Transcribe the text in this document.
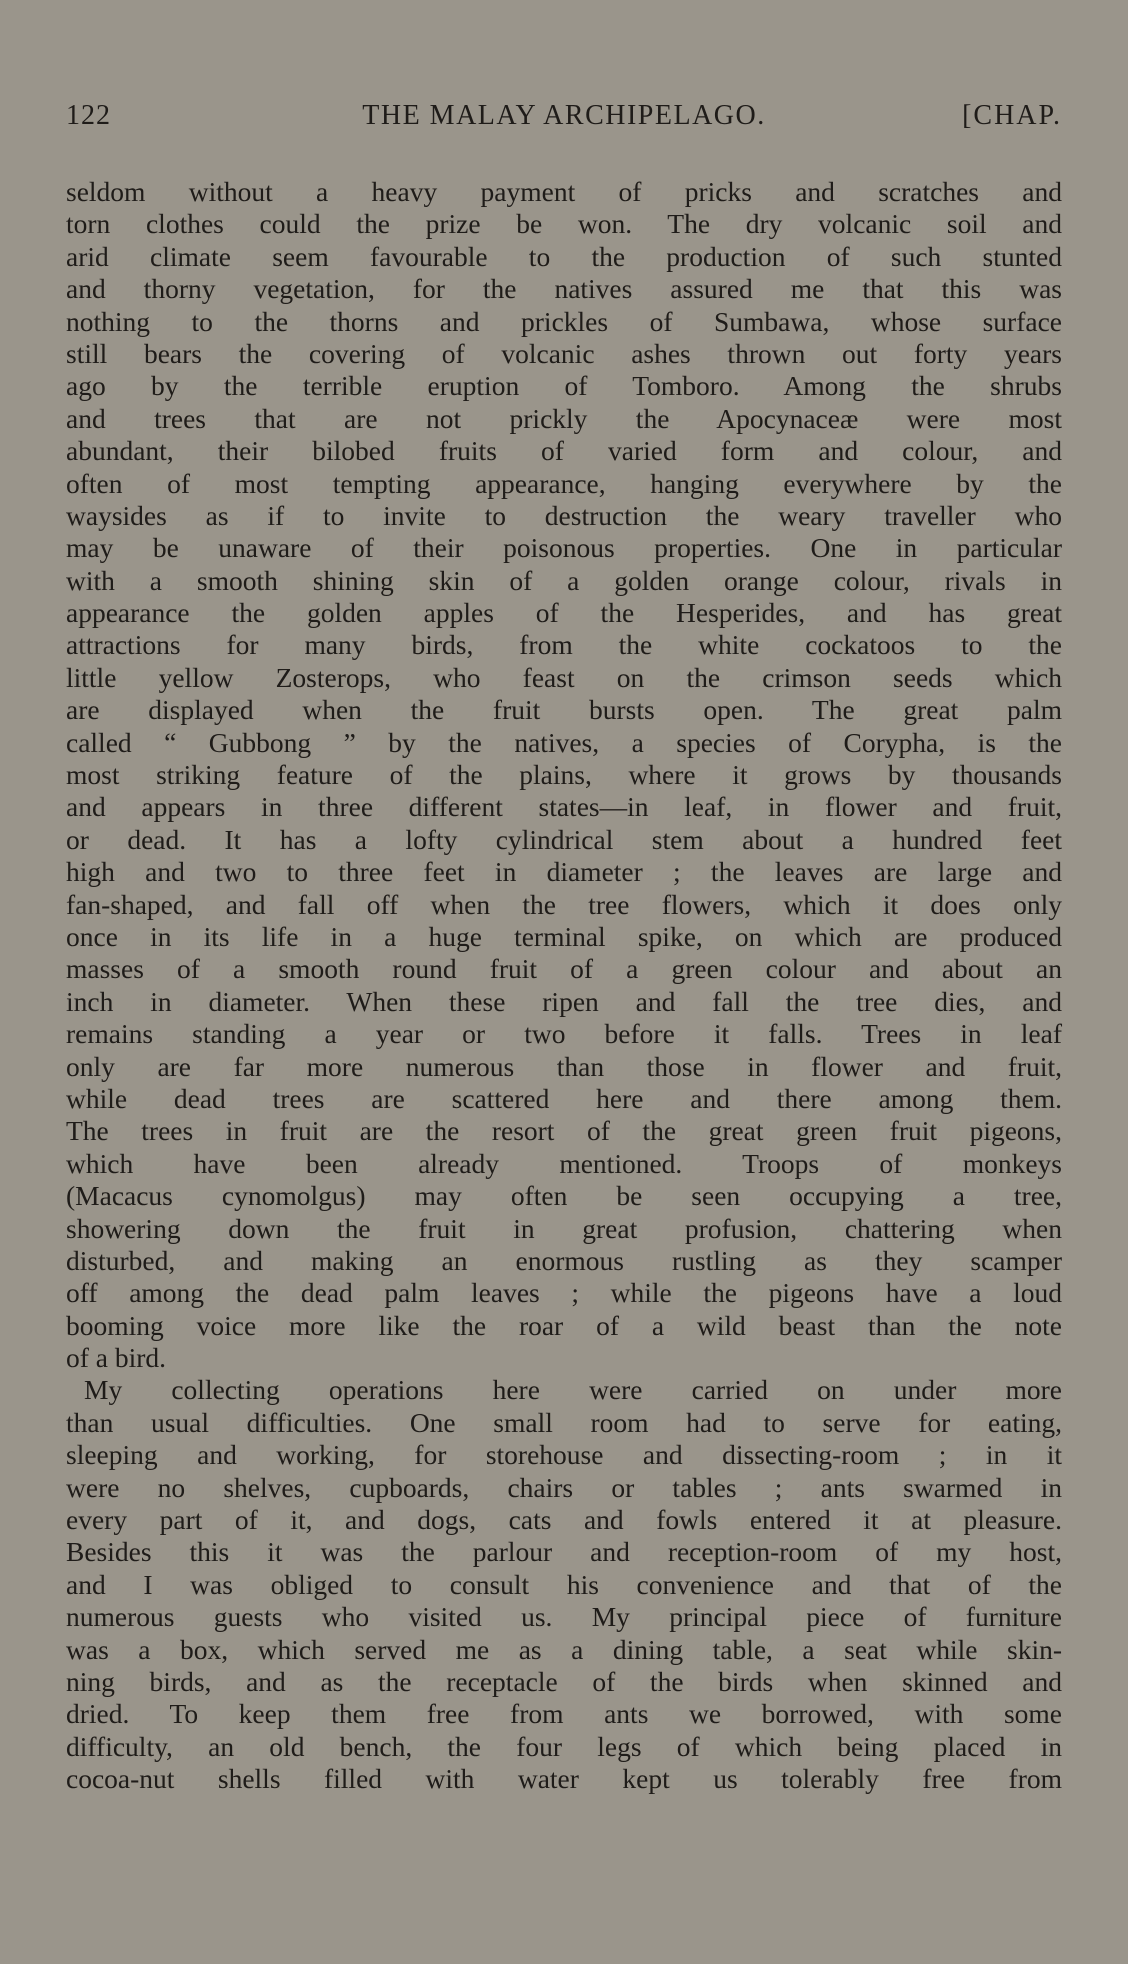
122	THE MALAY ARCHIPELAGO.	[CHAP.
seldom without a heavy payment of pricks and scratches and
torn clothes could the prize be won. The dry volcanic soil and
arid climate seem favourable to the production of such stunted
and thorny vegetation, for the natives assured me that this was
nothing to the thorns and prickles of Sumbawa, whose surface
still bears the covering of volcanic ashes thrown out forty years
ago by the terrible eruption of Tomboro. Among the shrubs
and trees that are not prickly the Apocynaceæ were most
abundant, their bilobed fruits of varied form and colour, and
often of most tempting appearance, hanging everywhere by the
waysides as if to invite to destruction the weary traveller who
may be unaware of their poisonous properties. One in particular
with a smooth shining skin of a golden orange colour, rivals in
appearance the golden apples of the Hesperides, and has great
attractions for many birds, from the white cockatoos to the
little yellow Zosterops, who feast on the crimson seeds which
are displayed when the fruit bursts open. The great palm
called “ Gubbong ” by the natives, a species of Corypha, is the
most striking feature of the plains, where it grows by thousands
and appears in three different states—in leaf, in flower and fruit,
or dead. It has a lofty cylindrical stem about a hundred feet
high and two to three feet in diameter ; the leaves are large and
fan-shaped, and fall off when the tree flowers, which it does only
once in its life in a huge terminal spike, on which are produced
masses of a smooth round fruit of a green colour and about an
inch in diameter. When these ripen and fall the tree dies, and
remains standing a year or two before it falls. Trees in leaf
only are far more numerous than those in flower and fruit,
while dead trees are scattered here and there among them.
The trees in fruit are the resort of the great green fruit pigeons,
which have been already mentioned. Troops of monkeys
(Macacus cynomolgus) may often be seen occupying a tree,
showering down the fruit in great profusion, chattering when
disturbed, and making an enormous rustling as they scamper
off among the dead palm leaves ; while the pigeons have a loud
booming voice more like the roar of a wild beast than the note
of a bird.
My collecting operations here were carried on under more
than usual difficulties. One small room had to serve for eating,
sleeping and working, for storehouse and dissecting-room ; in it
were no shelves, cupboards, chairs or tables ; ants swarmed in
every part of it, and dogs, cats and fowls entered it at pleasure.
Besides this it was the parlour and reception-room of my host,
and I was obliged to consult his convenience and that of the
numerous guests who visited us. My principal piece of furniture
was a box, which served me as a dining table, a seat while skin-
ning birds, and as the receptacle of the birds when skinned and
dried. To keep them free from ants we borrowed, with some
difficulty, an old bench, the four legs of which being placed in
cocoa-nut shells filled with water kept us tolerably free from
